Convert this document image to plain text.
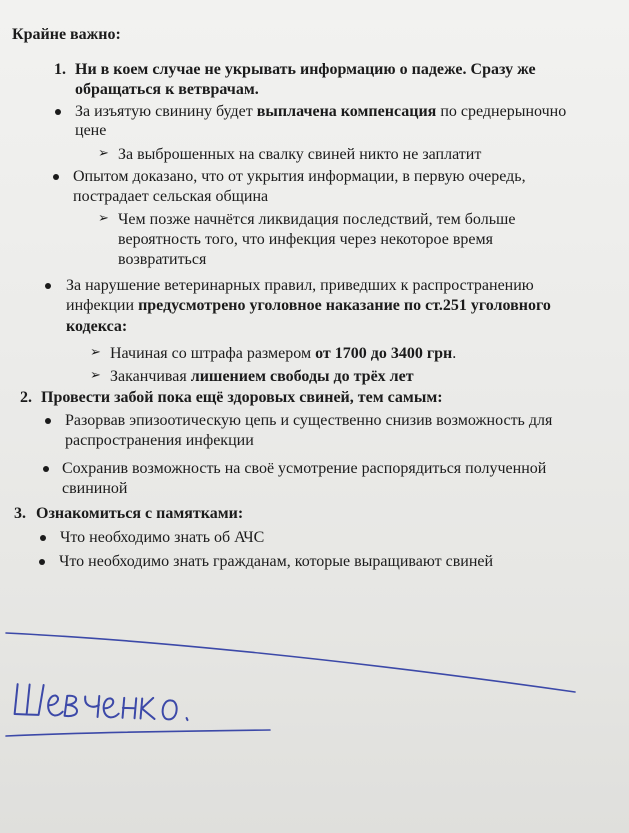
Крайне важно:
1. Ни в коем случае не укрывать информацию о падеже. Сразу же
обращаться к ветврачам.
За изъятую свинину будет выплачена компенсация по среднерыночно
цене
➢ За выброшенных на свалку свиней никто не заплатит
Опытом доказано, что от укрытия информации, в первую очередь,
пострадает сельская община
➢ Чем позже начнётся ликвидация последствий, тем больше
вероятность того, что инфекция через некоторое время
возвратиться
За нарушение ветеринарных правил, приведших к распространению
инфекции предусмотрено уголовное наказание по ст.251 уголовного
кодекса:
➢ Начиная со штрафа размером от 1700 до 3400 грн.
➢ Заканчивая лишением свободы до трёх лет
2. Провести забой пока ещё здоровых свиней, тем самым:
Разорвав эпизоотическую цепь и существенно снизив возможность для
распространения инфекции
Сохранив возможность на своё усмотрение распорядиться полученной
свининой
3. Ознакомиться с памятками:
Что необходимо знать об АЧС
Что необходимо знать гражданам, которые выращивают свиней
